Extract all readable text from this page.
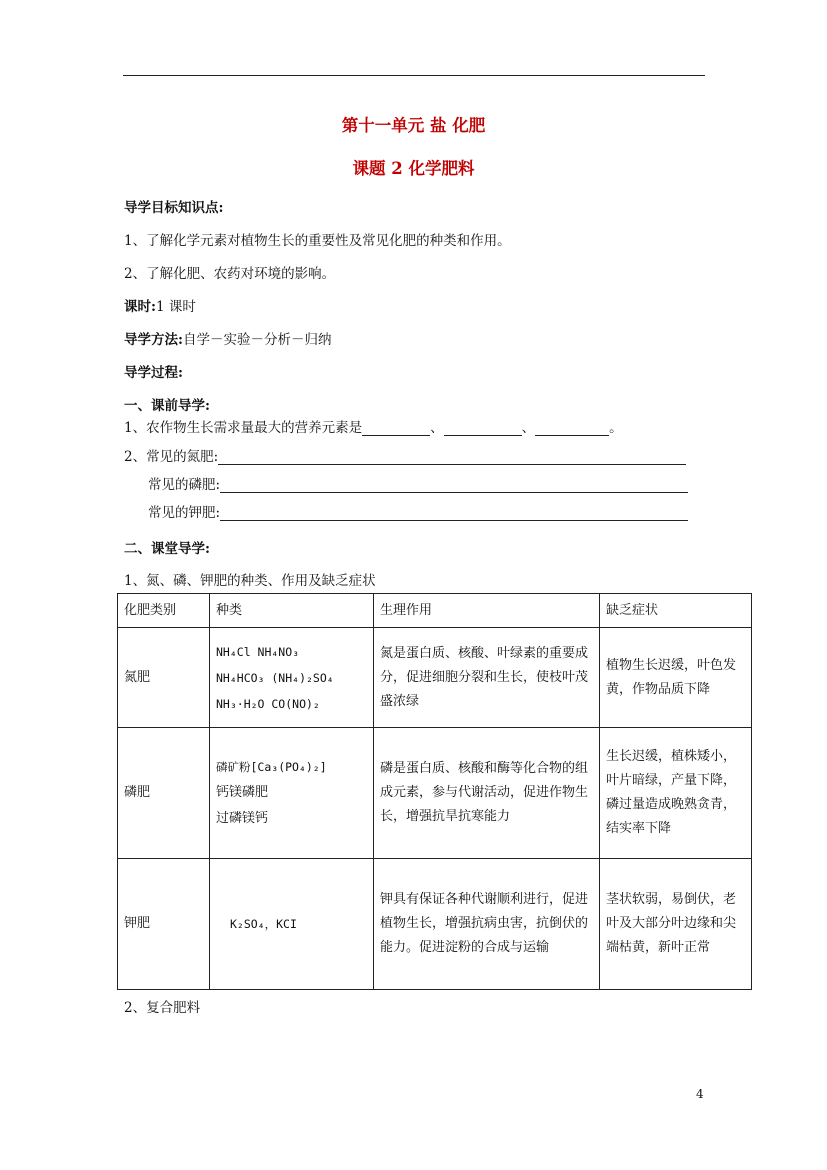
第十一单元 盐 化肥
课题 2 化学肥料
导学目标知识点:
1、了解化学元素对植物生长的重要性及常见化肥的种类和作用。
2、了解化肥、农药对环境的影响。
课时:1 课时
导学方法:自学－实验－分析－归纳
导学过程:
一、课前导学:
1、农作物生长需求量最大的营养元素是	、	、	。
2、常见的氮肥:
常见的磷肥:
常见的钾肥:
二、课堂导学:
1、氮、磷、钾肥的种类、作用及缺乏症状
化肥类别	种类	生理作用	缺乏症状
氮肥	NH₄Cl NH₄NO₃
NH₄HCO₃ (NH₄)₂SO₄
NH₃·H₂O CO(NO)₂	氮是蛋白质、核酸、叶绿素的重要成分，促进细胞分裂和生长，使枝叶茂盛浓绿	植物生长迟缓，叶色发黄，作物品质下降
磷肥	磷矿粉[Ca₃(PO₄)₂]
钙镁磷肥
过磷镁钙	磷是蛋白质、核酸和酶等化合物的组成元素，参与代谢活动，促进作物生长，增强抗旱抗寒能力	生长迟缓，植株矮小，叶片暗绿，产量下降，磷过量造成晚熟贪青，结实率下降
钾肥	K₂SO₄，KCI	钾具有保证各种代谢顺利进行，促进植物生长，增强抗病虫害，抗倒伏的能力。促进淀粉的合成与运输	茎状软弱，易倒伏，老叶及大部分叶边缘和尖端枯黄，新叶正常
2、复合肥料
4
